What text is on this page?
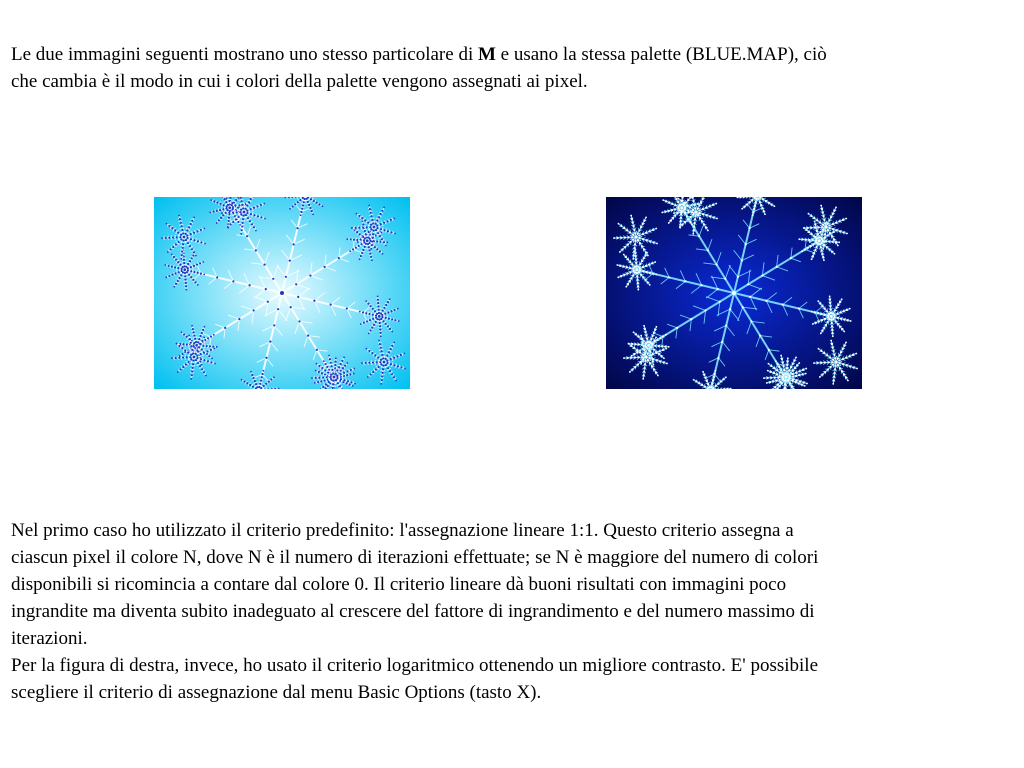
Le due immagini seguenti mostrano uno stesso particolare di M e usano la stessa palette (BLUE.MAP), ciò
che cambia è il modo in cui i colori della palette vengono assegnati ai pixel.

Nel primo caso ho utilizzato il criterio predefinito: l'assegnazione lineare 1:1. Questo criterio assegna a
ciascun pixel il colore N, dove N è il numero di iterazioni effettuate; se N è maggiore del numero di colori
disponibili si ricomincia a contare dal colore 0. Il criterio lineare dà buoni risultati con immagini poco
ingrandite ma diventa subito inadeguato al crescere del fattore di ingrandimento e del numero massimo di
iterazioni.
Per la figura di destra, invece, ho usato il criterio logaritmico ottenendo un migliore contrasto. E' possibile
scegliere il criterio di assegnazione dal menu Basic Options (tasto X).
